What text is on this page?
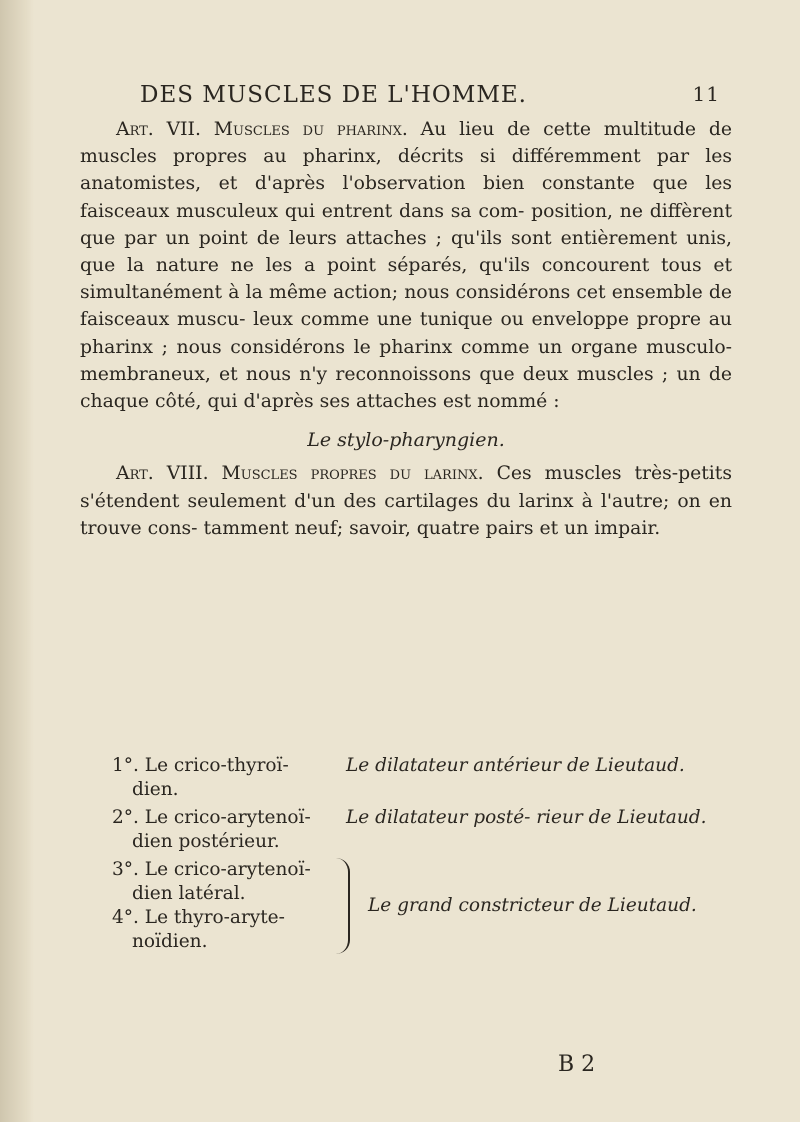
DES MUSCLES DE L'HOMME.	11

Art. VII. Muscles du pharinx. Au lieu de cette multitude de muscles propres au pharinx, décrits si différemment par les anatomistes, et d'après l'observation bien constante que les faisceaux musculeux qui entrent dans sa com- position, ne diffèrent que par un point de leurs attaches ; qu'ils sont entièrement unis, que la nature ne les a point séparés, qu'ils concourent tous et simultanément à la même action; nous considérons cet ensemble de faisceaux muscu- leux comme une tunique ou enveloppe propre au pharinx ; nous considérons le pharinx comme un organe musculo-membraneux, et nous n'y reconnoissons que deux muscles ; un de chaque côté, qui d'après ses attaches est nommé :

Le stylo-pharyngien.

Art. VIII. Muscles propres du larinx. Ces muscles très-petits s'étendent seulement d'un des cartilages du larinx à l'autre; on en trouve cons- tamment neuf; savoir, quatre pairs et un impair.

1°. Le crico-thyroï- dien.
Le dilatateur antérieur de Lieutaud.
2°. Le crico-arytenoï- dien postérieur.
Le dilatateur posté- rieur de Lieutaud.
3°. Le crico-arytenoï- dien latéral.
4°. Le thyro-aryte- noïdien.
Le grand constricteur de Lieutaud.
B 2
